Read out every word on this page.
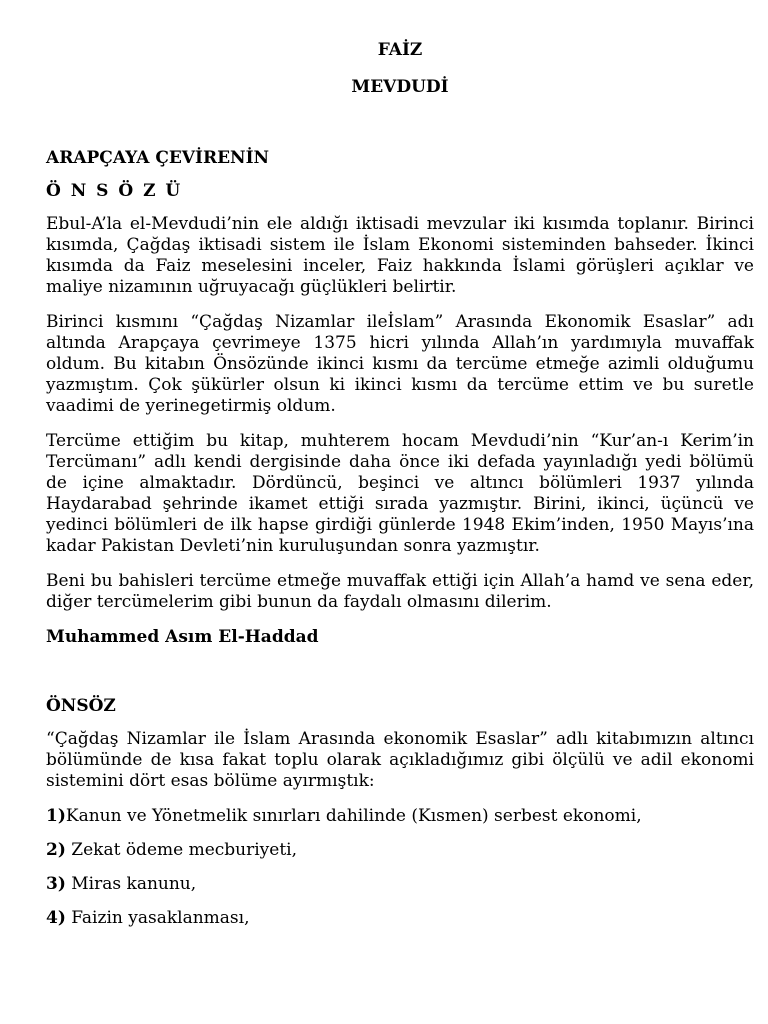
FAİZ
MEVDUDİ
ARAPÇAYA ÇEVİRENİN
Ö N S Ö Z Ü

Ebul-A’la el-Mevdudi’nin ele aldığı iktisadi mevzular iki kısımda toplanır. Birinci kısımda, Çağdaş iktisadi sistem ile İslam Ekonomi sisteminden bahseder. İkinci kısımda da Faiz meselesini inceler, Faiz hakkında İslami görüşleri açıklar ve maliye nizamının uğruyacağı güçlükleri belirtir.

Birinci kısmını “Çağdaş Nizamlar ileİslam” Arasında Ekonomik Esaslar” adı altında Arapçaya çevrimeye 1375 hicri yılında Allah’ın yardımıyla muvaffak oldum. Bu kitabın Önsözünde ikinci kısmı da tercüme etmeğe azimli olduğumu yazmıştım. Çok şükürler olsun ki ikinci kısmı da tercüme ettim ve bu suretle vaadimi de yerinegetirmiş oldum.

Tercüme ettiğim bu kitap, muhterem hocam Mevdudi’nin “Kur’an-ı Kerim’in Tercümanı” adlı kendi dergisinde daha önce iki defada yayınladığı yedi bölümü de içine almaktadır. Dördüncü, beşinci ve altıncı bölümleri 1937 yılında Haydarabad şehrinde ikamet ettiği sırada yazmıştır. Birini, ikinci, üçüncü ve yedinci bölümleri de ilk hapse girdiği günlerde 1948 Ekim’inden, 1950 Mayıs’ına kadar Pakistan Devleti’nin kuruluşundan sonra yazmıştır.

Beni bu bahisleri tercüme etmeğe muvaffak ettiği için Allah’a hamd ve sena eder, diğer tercümelerim gibi bunun da faydalı olmasını dilerim.

Muhammed Asım El-Haddad
ÖNSÖZ

“Çağdaş Nizamlar ile İslam Arasında ekonomik Esaslar” adlı kitabımızın altıncı bölümünde de kısa fakat toplu olarak açıkladığımız gibi ölçülü ve adil ekonomi sistemini dört esas bölüme ayırmıştık:

1)Kanun ve Yönetmelik sınırları dahilinde (Kısmen) serbest ekonomi,
2) Zekat ödeme mecburiyeti,
3) Miras kanunu,
4) Faizin yasaklanması,
